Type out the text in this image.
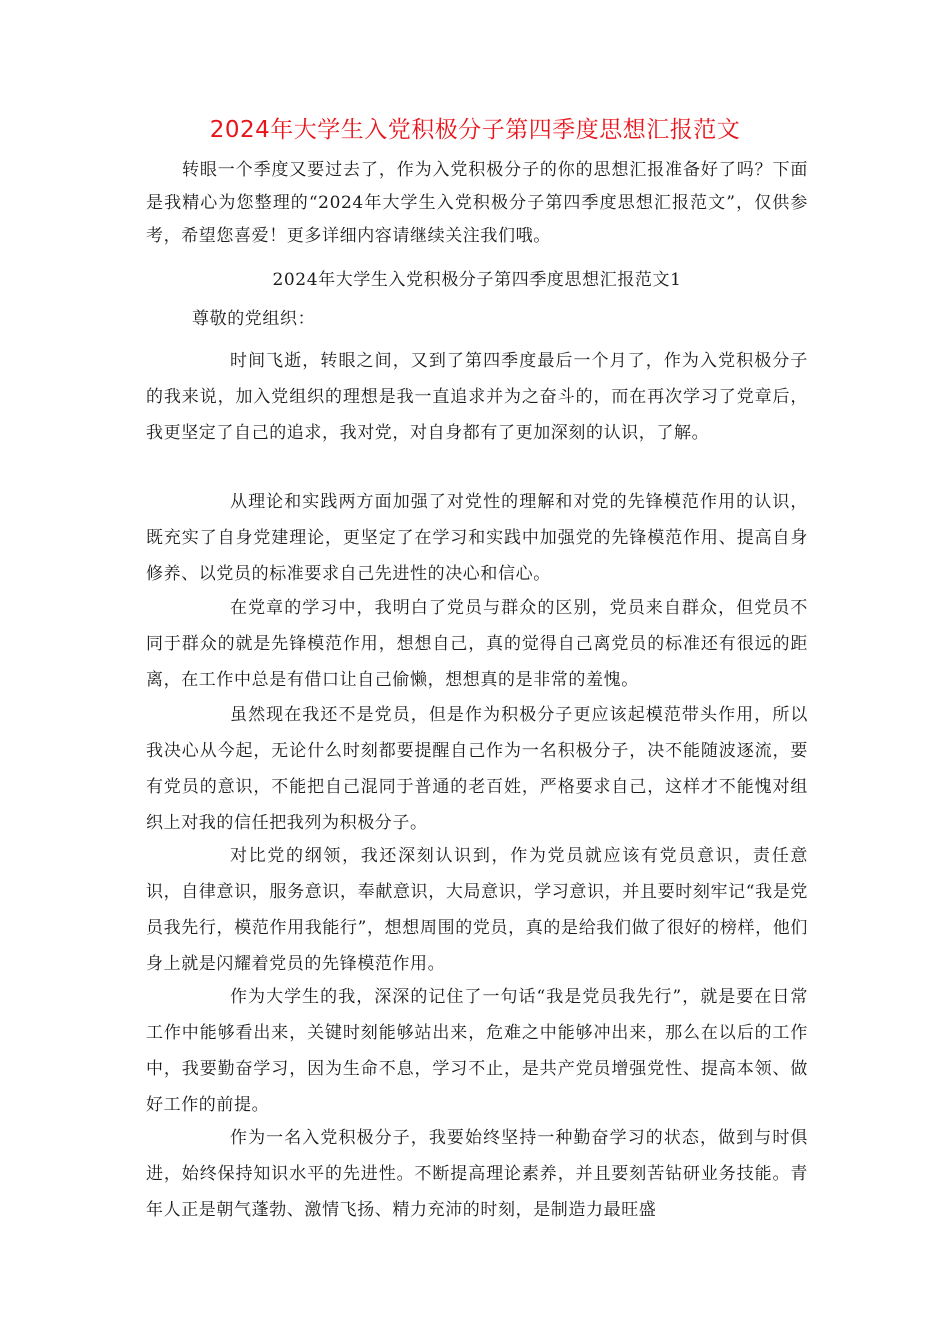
2024年大学生入党积极分子第四季度思想汇报范文
转眼一个季度又要过去了，作为入党积极分子的你的思想汇报准备好了吗？下面是我精心为您整理的“2024年大学生入党积极分子第四季度思想汇报范文”，仅供参考，希望您喜爱！更多详细内容请继续关注我们哦。
2024年大学生入党积极分子第四季度思想汇报范文1
尊敬的党组织：

时间飞逝，转眼之间，又到了第四季度最后一个月了，作为入党积极分子的我来说，加入党组织的理想是我一直追求并为之奋斗的，而在再次学习了党章后，我更坚定了自己的追求，我对党，对自身都有了更加深刻的认识，了解。

从理论和实践两方面加强了对党性的理解和对党的先锋模范作用的认识，既充实了自身党建理论，更坚定了在学习和实践中加强党的先锋模范作用、提高自身修养、以党员的标准要求自己先进性的决心和信心。

在党章的学习中，我明白了党员与群众的区别，党员来自群众，但党员不同于群众的就是先锋模范作用，想想自己，真的觉得自己离党员的标准还有很远的距离，在工作中总是有借口让自己偷懒，想想真的是非常的羞愧。

虽然现在我还不是党员，但是作为积极分子更应该起模范带头作用，所以我决心从今起，无论什么时刻都要提醒自己作为一名积极分子，决不能随波逐流，要有党员的意识，不能把自己混同于普通的老百姓，严格要求自己，这样才不能愧对组织上对我的信任把我列为积极分子。

对比党的纲领，我还深刻认识到，作为党员就应该有党员意识，责任意识，自律意识，服务意识，奉献意识，大局意识，学习意识，并且要时刻牢记“我是党员我先行，模范作用我能行”，想想周围的党员，真的是给我们做了很好的榜样，他们身上就是闪耀着党员的先锋模范作用。

作为大学生的我，深深的记住了一句话“我是党员我先行”，就是要在日常工作中能够看出来，关键时刻能够站出来，危难之中能够冲出来，那么在以后的工作中，我要勤奋学习，因为生命不息，学习不止，是共产党员增强党性、提高本领、做好工作的前提。

作为一名入党积极分子，我要始终坚持一种勤奋学习的状态，做到与时俱进，始终保持知识水平的先进性。不断提高理论素养，并且要刻苦钻研业务技能。青年人正是朝气蓬勃、激情飞扬、精力充沛的时刻，是制造力最旺盛
